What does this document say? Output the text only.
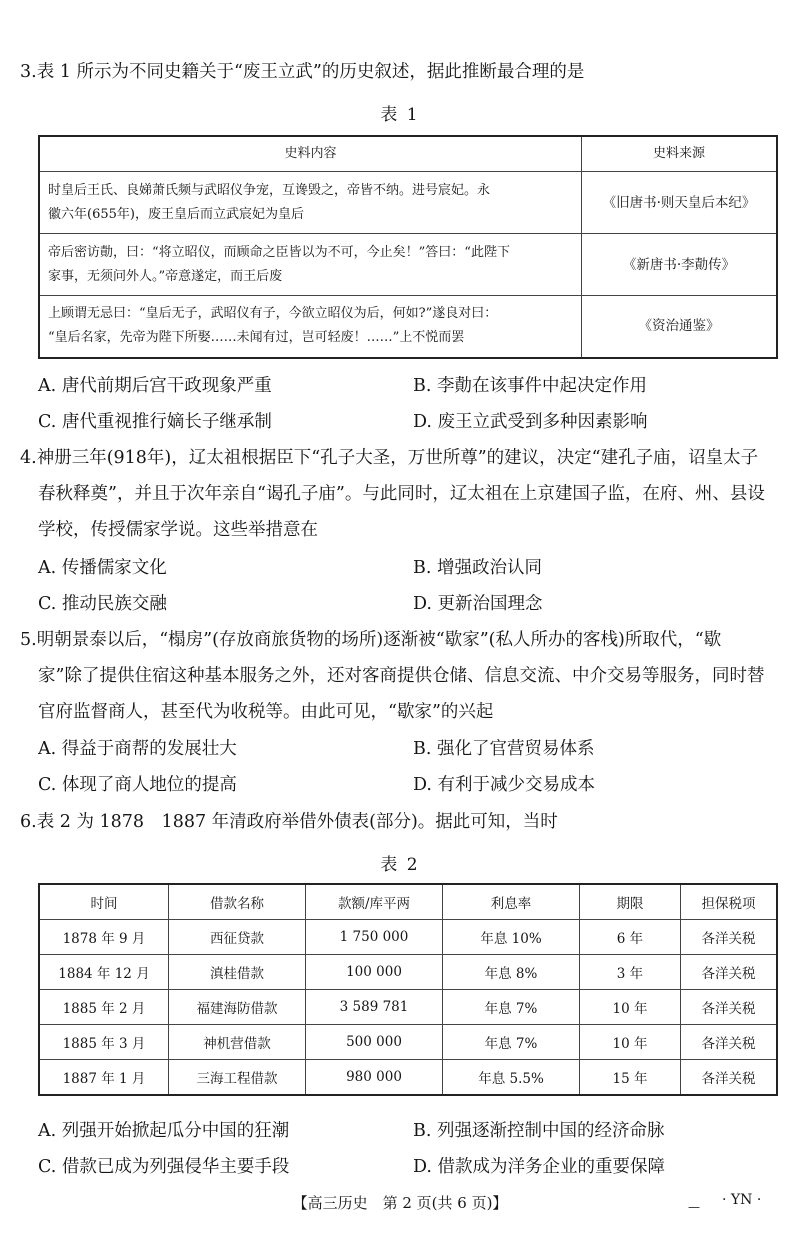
3.表 1 所示为不同史籍关于“废王立武”的历史叙述，据此推断最合理的是
表 1
史料内容	史料来源

时皇后王氏、良娣萧氏频与武昭仪争宠，互谗毁之，帝皆不纳。进号宸妃。永
徽六年(655年)，废王皇后而立武宸妃为皇后	《旧唐书·则天皇后本纪》

帝后密访勣，曰：“将立昭仪，而顾命之臣皆以为不可，今止矣！”答曰：“此陛下
家事，无须问外人。”帝意遂定，而王后废	《新唐书·李勣传》

上顾谓无忌曰：“皇后无子，武昭仪有子，今欲立昭仪为后，何如?”遂良对曰：
“皇后名家，先帝为陛下所娶……未闻有过，岂可轻废！……”上不悦而罢	《资治通鉴》
A. 唐代前期后宫干政现象严重	B. 李勣在该事件中起决定作用
C. 唐代重视推行嫡长子继承制	D. 废王立武受到多种因素影响
4.神册三年(918年)，辽太祖根据臣下“孔子大圣，万世所尊”的建议，决定“建孔子庙，诏皇太子
春秋释奠”，并且于次年亲自“谒孔子庙”。与此同时，辽太祖在上京建国子监，在府、州、县设
学校，传授儒家学说。这些举措意在
A. 传播儒家文化	B. 增强政治认同
C. 推动民族交融	D. 更新治国理念
5.明朝景泰以后，“榻房”(存放商旅货物的场所)逐渐被“歇家”(私人所办的客栈)所取代，“歇
家”除了提供住宿这种基本服务之外，还对客商提供仓储、信息交流、中介交易等服务，同时替
官府监督商人，甚至代为收税等。由此可见，“歇家”的兴起
A. 得益于商帮的发展壮大	B. 强化了官营贸易体系
C. 体现了商人地位的提高	D. 有利于减少交易成本
6.表 2 为 1878　1887 年清政府举借外债表(部分)。据此可知，当时
表 2
时间	借款名称	款额/库平两	利息率	期限	担保税项
1878 年 9 月	西征贷款	1 750 000	年息 10%	6 年	各洋关税
1884 年 12 月	滇桂借款	100 000	年息 8%	3 年	各洋关税
1885 年 2 月	福建海防借款	3 589 781	年息 7%	10 年	各洋关税
1885 年 3 月	神机营借款	500 000	年息 7%	10 年	各洋关税
1887 年 1 月	三海工程借款	980 000	年息 5.5%	15 年	各洋关税
A. 列强开始掀起瓜分中国的狂潮	B. 列强逐渐控制中国的经济命脉
C. 借款已成为列强侵华主要手段	D. 借款成为洋务企业的重要保障
【高三历史　第 2 页(共 6 页)】	— · YN ·
